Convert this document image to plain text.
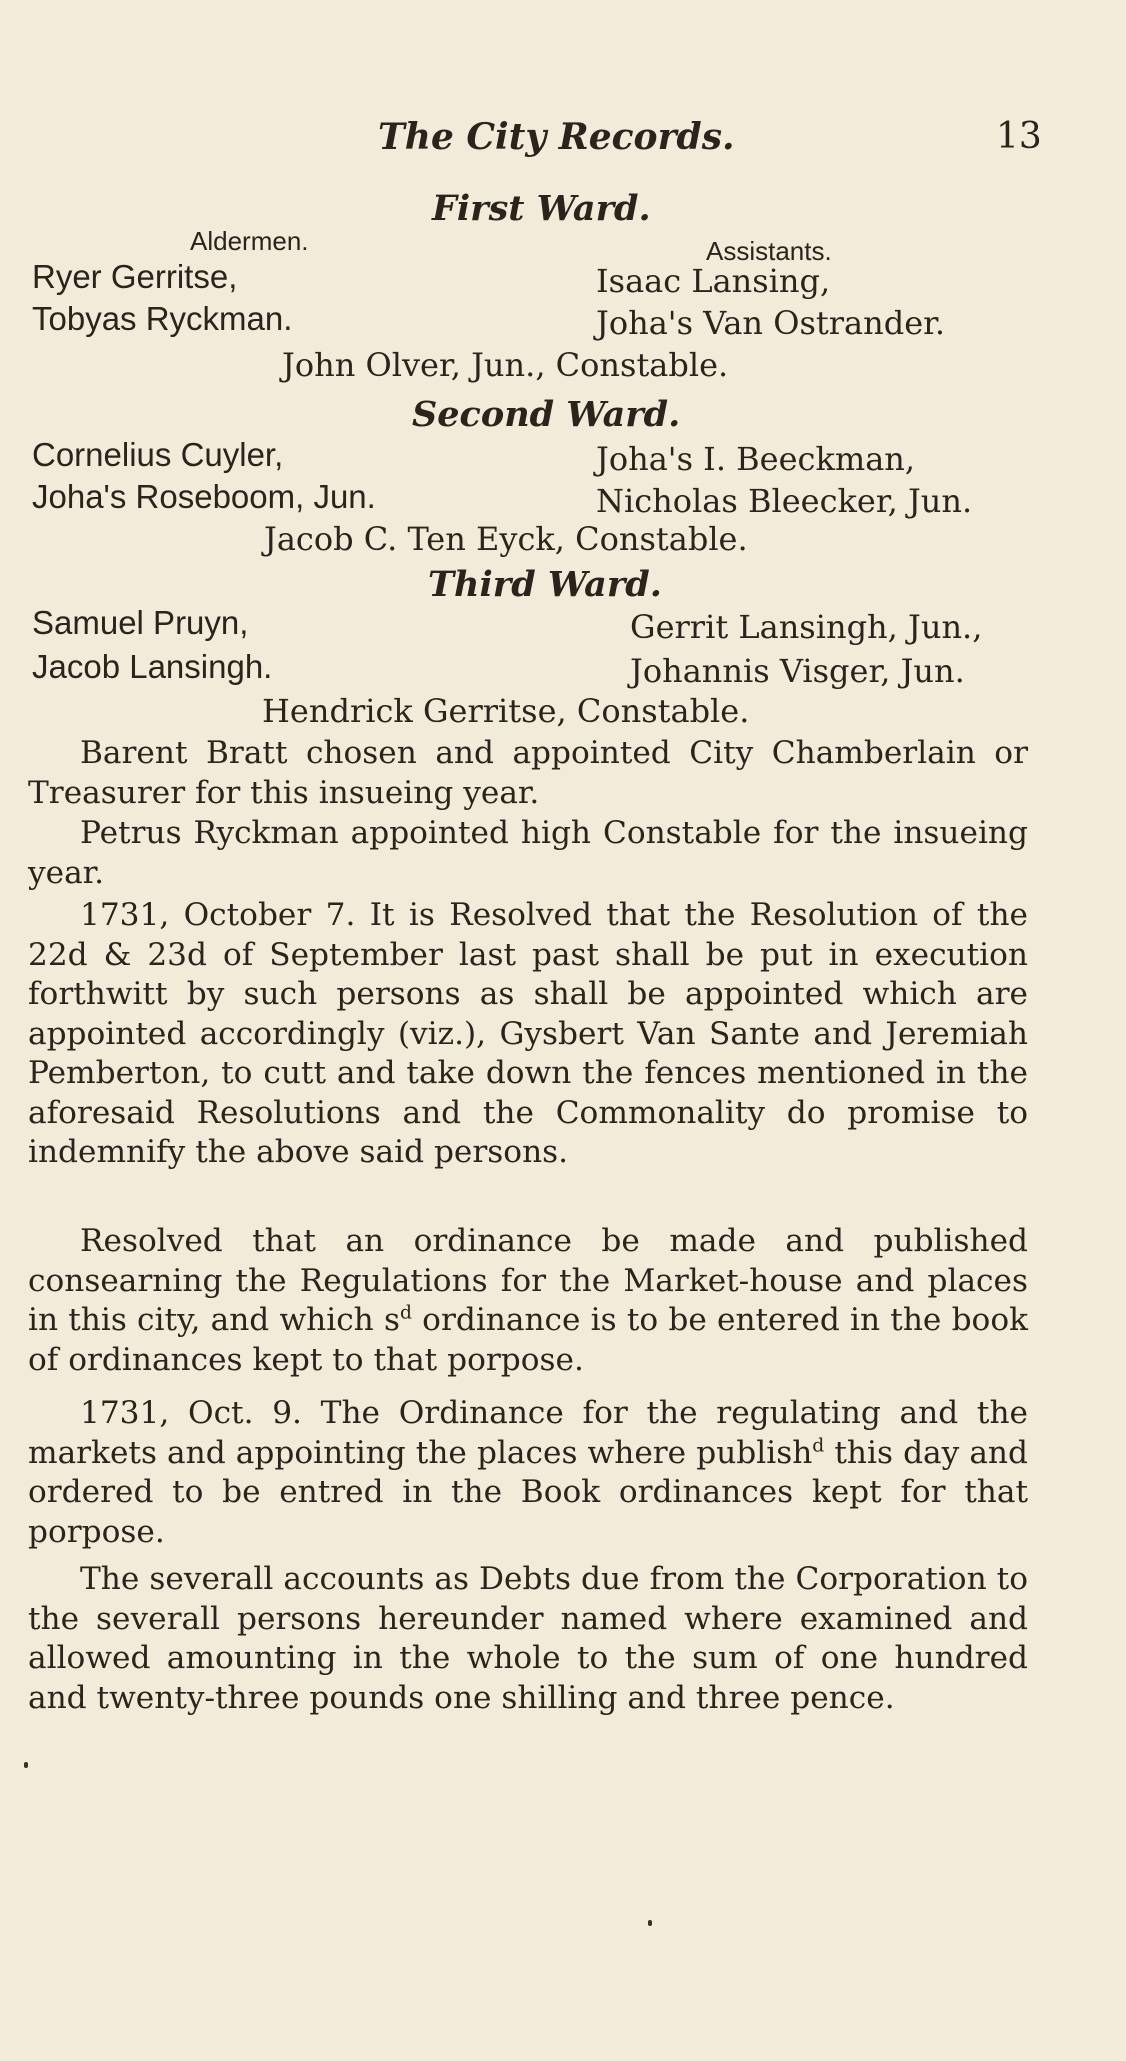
The City Records.	13
First Ward.
Aldermen.	Assistants.
Ryer Gerritse,
Tobyas Ryckman.
Isaac Lansing,
Joha's Van Ostrander.
John Olver, Jun., Constable.
Second Ward.
Cornelius Cuyler,
Joha's Roseboom, Jun.
Joha's I. Beeckman,
Nicholas Bleecker, Jun.
Jacob C. Ten Eyck, Constable.
Third Ward.
Samuel Pruyn,
Jacob Lansingh.
Gerrit Lansingh, Jun.,
Johannis Visger, Jun.
Hendrick Gerritse, Constable.

Barent Bratt chosen and appointed City Chamberlain or Treasurer for this insueing year.

Petrus Ryckman appointed high Constable for the insueing year.

1731, October 7. It is Resolved that the Resolution of the 22d & 23d of September last past shall be put in execution forthwitt by such persons as shall be appointed which are appointed accordingly (viz.), Gysbert Van Sante and Jeremiah Pemberton, to cutt and take down the fences mentioned in the aforesaid Resolutions and the Commonality do promise to indemnify the above said persons.

Resolved that an ordinance be made and published consearning the Regulations for the Market-house and places in this city, and which $s^d$ ordinance is to be entered in the book of ordinances kept to that porpose.

1731, Oct. 9. The Ordinance for the regulating and the markets and appointing the places where publish$^d$ this day and ordered to be entred in the Book ordinances kept for that porpose.

The severall accounts as Debts due from the Corporation to the severall persons hereunder named where examined and allowed amounting in the whole to the sum of one hundred and twenty-three pounds one shilling and three pence.
